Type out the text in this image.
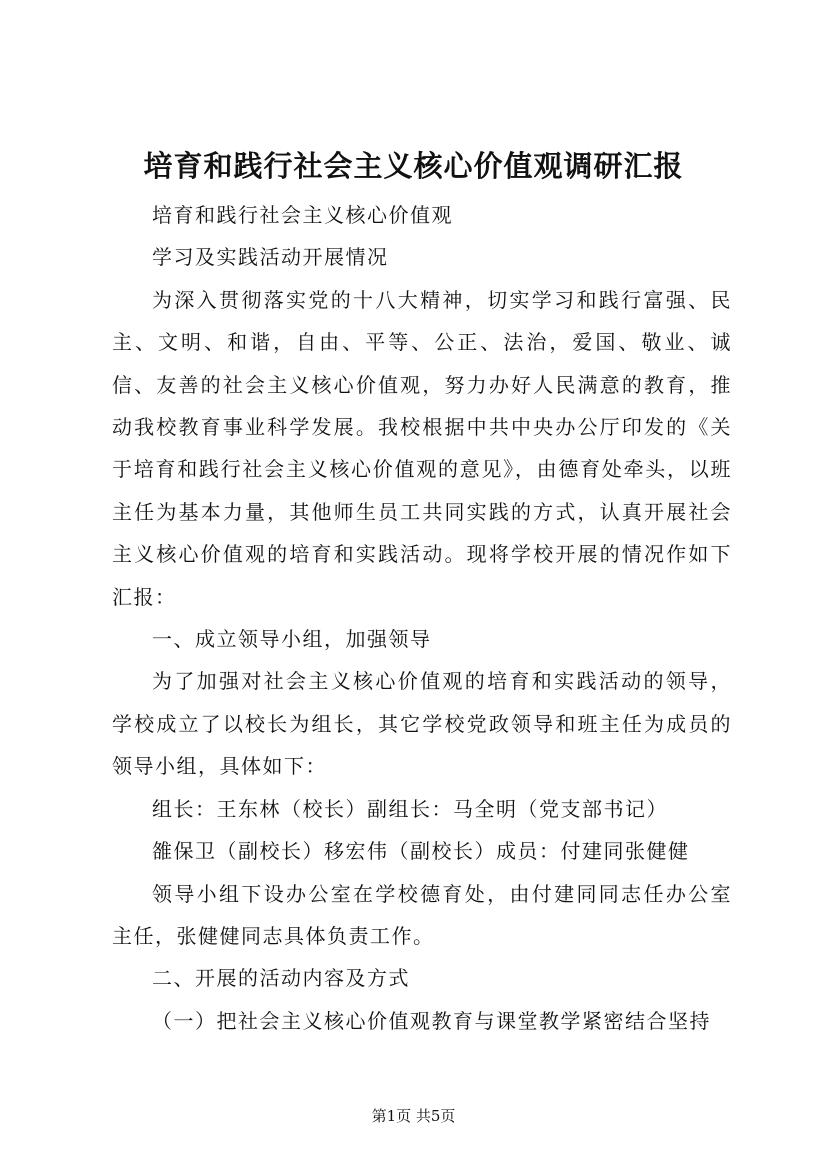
培育和践行社会主义核心价值观调研汇报

培育和践行社会主义核心价值观

学习及实践活动开展情况

为深入贯彻落实党的十八大精神，切实学习和践行富强、民主、文明、和谐，自由、平等、公正、法治，爱国、敬业、诚信、友善的社会主义核心价值观，努力办好人民满意的教育，推动我校教育事业科学发展。我校根据中共中央办公厅印发的《关于培育和践行社会主义核心价值观的意见》，由德育处牵头，以班主任为基本力量，其他师生员工共同实践的方式，认真开展社会主义核心价值观的培育和实践活动。现将学校开展的情况作如下汇报：

一、成立领导小组，加强领导

为了加强对社会主义核心价值观的培育和实践活动的领导，学校成立了以校长为组长，其它学校党政领导和班主任为成员的领导小组，具体如下：

组长：王东林（校长）副组长：马全明（党支部书记）

雒保卫（副校长）移宏伟（副校长）成员：付建同张健健

领导小组下设办公室在学校德育处，由付建同同志任办公室主任，张健健同志具体负责工作。

二、开展的活动内容及方式

（一）把社会主义核心价值观教育与课堂教学紧密结合坚持

第1页 共5页
